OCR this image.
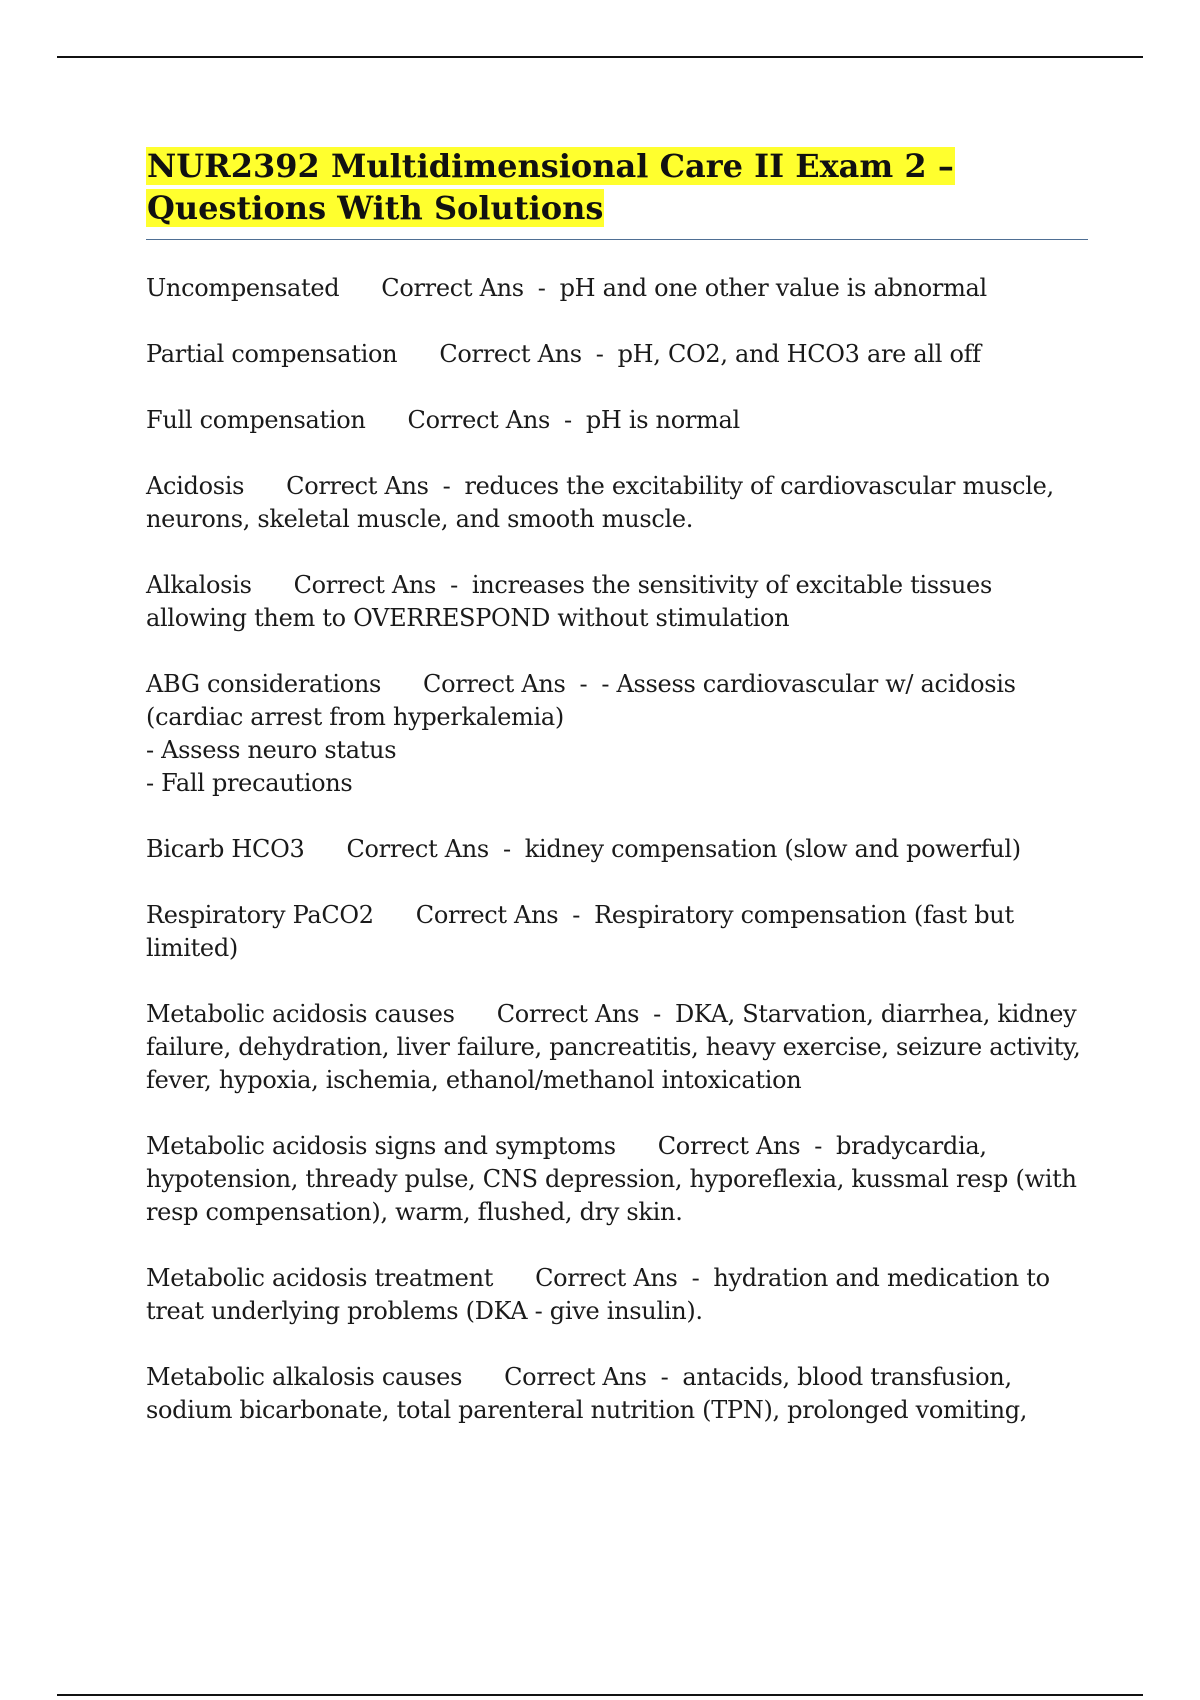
NUR2392 Multidimensional Care II Exam 2 – Questions With Solutions

Uncompensated Correct Ans - pH and one other value is abnormal

Partial compensation Correct Ans - pH, CO2, and HCO3 are all off

Full compensation Correct Ans - pH is normal

Acidosis Correct Ans - reduces the excitability of cardiovascular muscle, neurons, skeletal muscle, and smooth muscle.

Alkalosis Correct Ans - increases the sensitivity of excitable tissues allowing them to OVERRESPOND without stimulation

ABG considerations Correct Ans - - Assess cardiovascular w/ acidosis (cardiac arrest from hyperkalemia)
- Assess neuro status
- Fall precautions

Bicarb HCO3 Correct Ans - kidney compensation (slow and powerful)

Respiratory PaCO2 Correct Ans - Respiratory compensation (fast but limited)

Metabolic acidosis causes Correct Ans - DKA, Starvation, diarrhea, kidney failure, dehydration, liver failure, pancreatitis, heavy exercise, seizure activity, fever, hypoxia, ischemia, ethanol/methanol intoxication

Metabolic acidosis signs and symptoms Correct Ans - bradycardia, hypotension, thready pulse, CNS depression, hyporeflexia, kussmal resp (with resp compensation), warm, flushed, dry skin.

Metabolic acidosis treatment Correct Ans - hydration and medication to treat underlying problems (DKA - give insulin).

Metabolic alkalosis causes Correct Ans - antacids, blood transfusion, sodium bicarbonate, total parenteral nutrition (TPN), prolonged vomiting,
